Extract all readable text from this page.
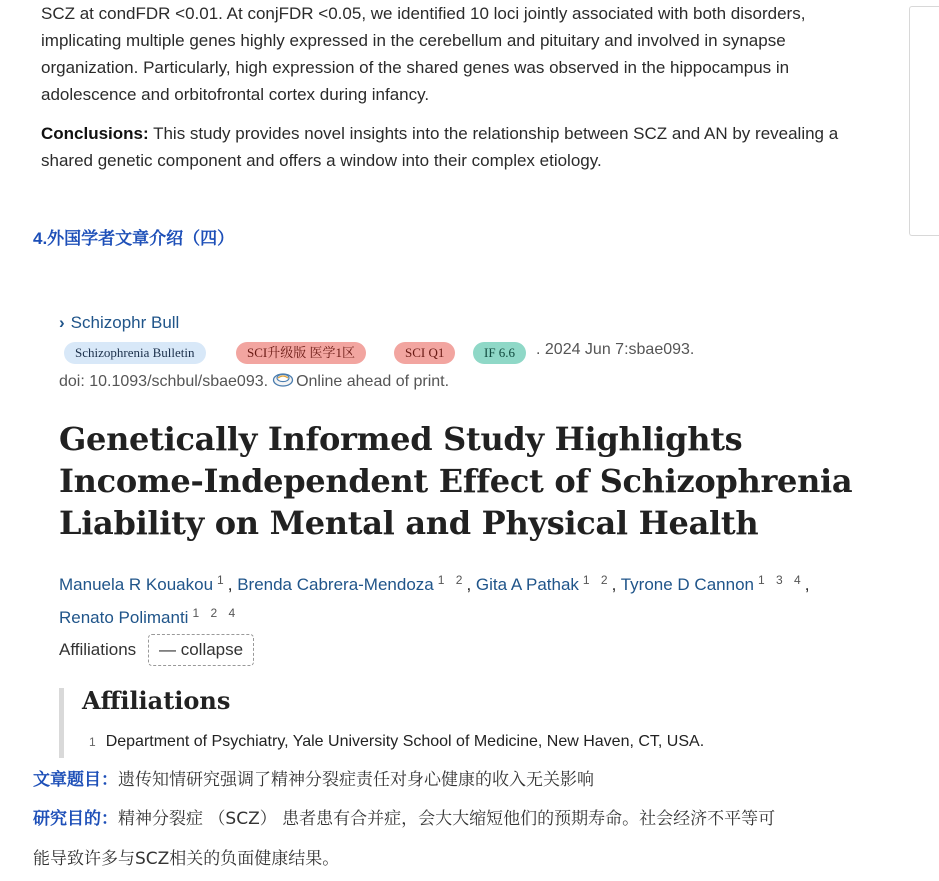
SCZ at condFDR <0.01. At conjFDR <0.05, we identified 10 loci jointly associated with both disorders, implicating multiple genes highly expressed in the cerebellum and pituitary and involved in synapse organization. Particularly, high expression of the shared genes was observed in the hippocampus in adolescence and orbitofrontal cortex during infancy.
Conclusions: This study provides novel insights into the relationship between SCZ and AN by revealing a shared genetic component and offers a window into their complex etiology.
4.外国学者文章介绍（四）
› Schizophr Bull
Schizophrenia Bulletin	SCI升级版 医学1区	SCI Q1	IF 6.6	. 2024 Jun 7:sbae093.
doi: 10.1093/schbul/sbae093. Online ahead of print.
Genetically Informed Study Highlights Income-Independent Effect of Schizophrenia Liability on Mental and Physical Health
Manuela R Kouakou $^1$, Brenda Cabrera-Mendoza $^{1 2}$, Gita A Pathak $^{1 2}$, Tyrone D Cannon $^{1 3 4}$,
Renato Polimanti $^{1 2 4}$
Affiliations	— collapse
Affiliations
1 Department of Psychiatry, Yale University School of Medicine, New Haven, CT, USA.
文章题目：遗传知情研究强调了精神分裂症责任对身心健康的收入无关影响
研究目的：精神分裂症 （SCZ） 患者患有合并症，会大大缩短他们的预期寿命。社会经济不平等可
能导致许多与SCZ相关的负面健康结果。
